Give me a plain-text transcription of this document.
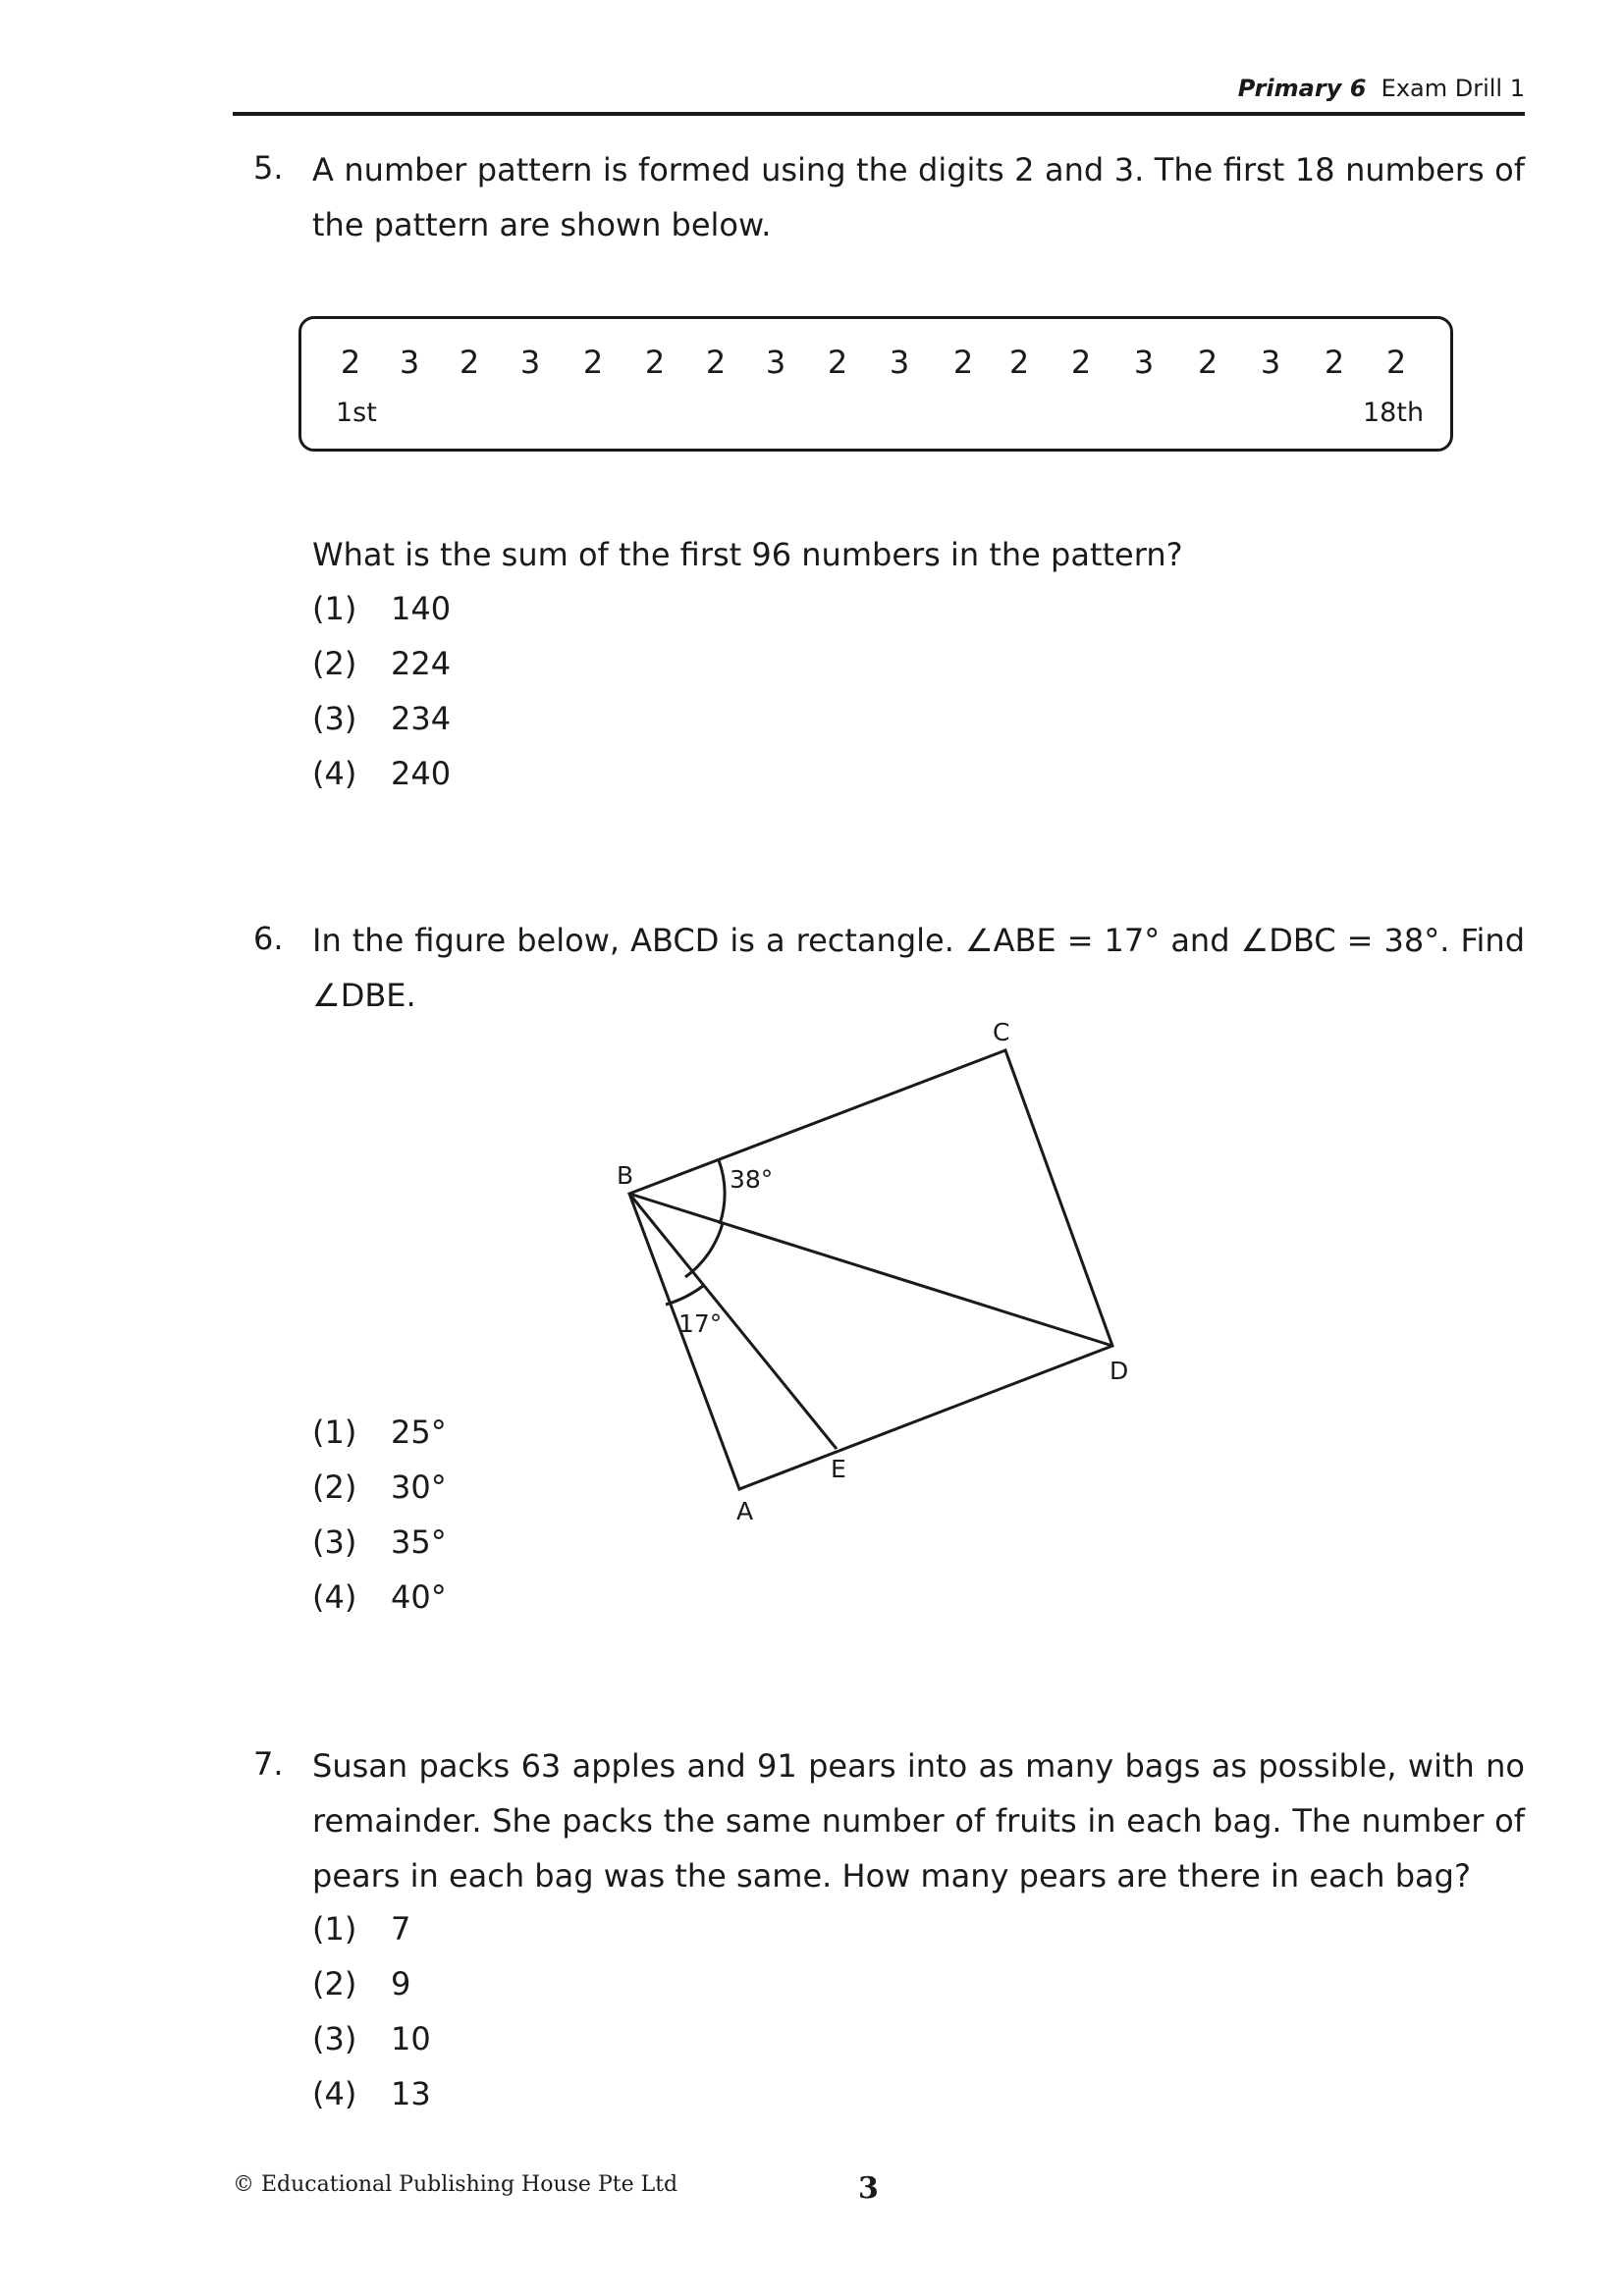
Primary 6 Exam Drill 1
5. A number pattern is formed using the digits 2 and 3. The first 18 numbers of the pattern are shown below.
2 3 2 3 2 2 2 3 2 3 2 2 2 3 2 3 2 2
1st	18th
What is the sum of the first 96 numbers in the pattern?
(1) 140
(2) 224
(3) 234
(4) 240
6. In the figure below, ABCD is a rectangle. ∠ABE = 17° and ∠DBC = 38°. Find ∠DBE.
B
C
D
A
E
38°
17°
(1) 25°
(2) 30°
(3) 35°
(4) 40°
7. Susan packs 63 apples and 91 pears into as many bags as possible, with no remainder. She packs the same number of fruits in each bag. The number of pears in each bag was the same. How many pears are there in each bag?
(1) 7
(2) 9
(3) 10
(4) 13
© Educational Publishing House Pte Ltd	3
